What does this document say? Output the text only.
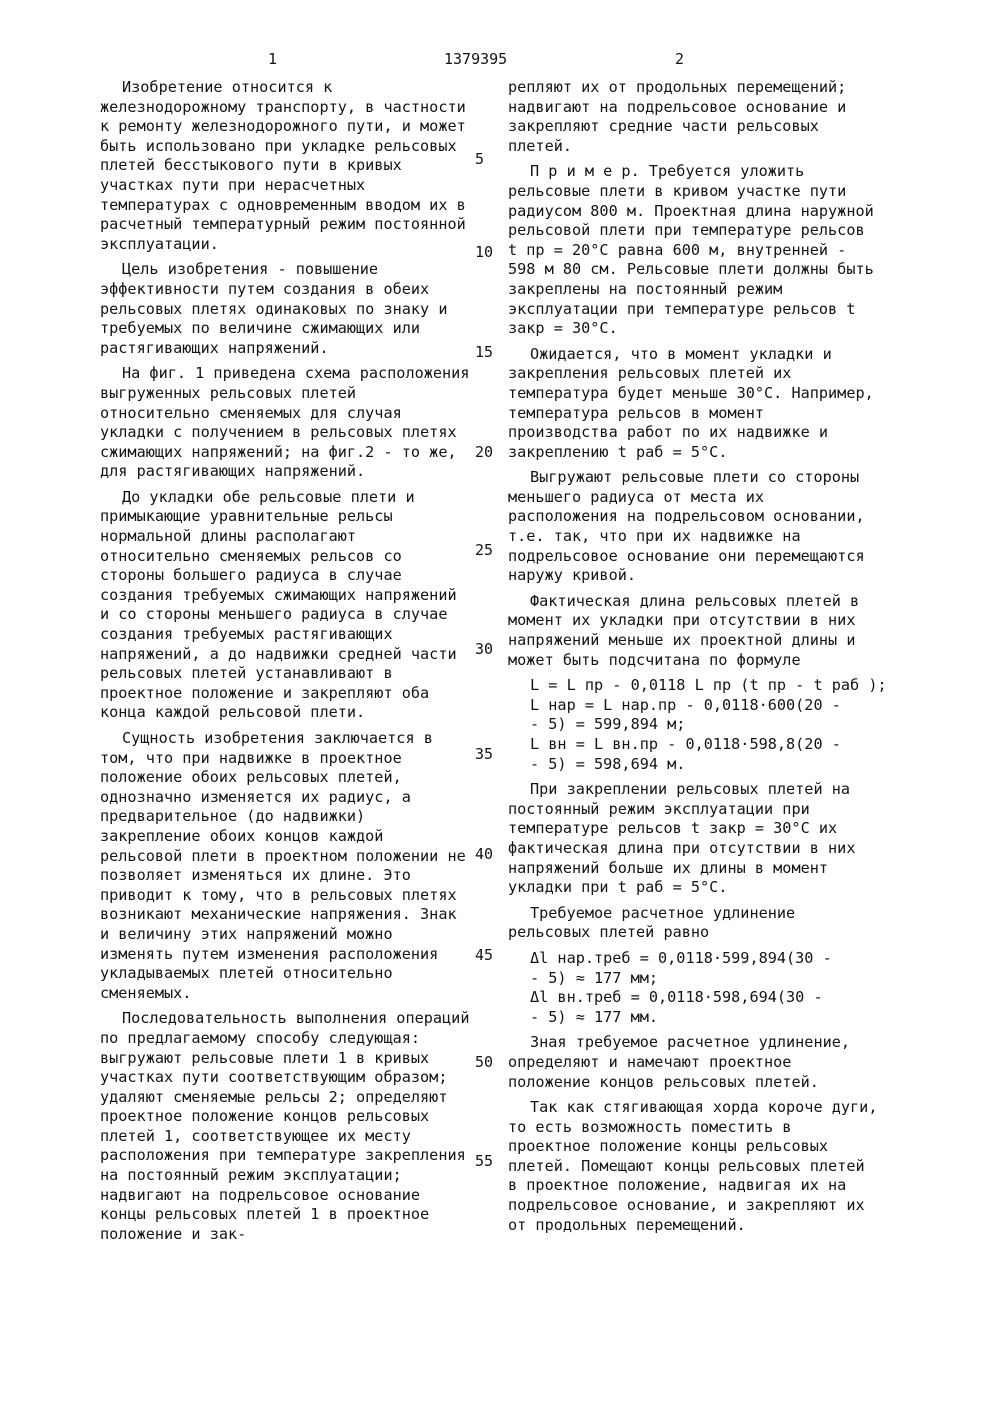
1	1379395	2

Изобретение относится к железнодорожному транспорту, в частности к ремонту железнодорожного пути, и может быть использовано при укладке рельсовых плетей бесстыкового пути в кривых участках пути при нерасчетных температурах с одновременным вводом их в расчетный температурный режим постоянной эксплуатации.

Цель изобретения - повышение эффективности путем создания в обеих рельсовых плетях одинаковых по знаку и требуемых по величине сжимающих или растягивающих напряжений.

На фиг. 1 приведена схема расположения выгруженных рельсовых плетей относительно сменяемых для случая укладки с получением в рельсовых плетях сжимающих напряжений; на фиг.2 - то же, для растягивающих напряжений.

До укладки обе рельсовые плети и примыкающие уравнительные рельсы нормальной длины располагают относительно сменяемых рельсов со стороны большего радиуса в случае создания требуемых сжимающих напряжений и со стороны меньшего радиуса в случае создания требуемых растягивающих напряжений, а до надвижки средней части рельсовых плетей устанавливают в проектное положение и закрепляют оба конца каждой рельсовой плети.

Сущность изобретения заключается в том, что при надвижке в проектное положение обоих рельсовых плетей, однозначно изменяется их радиус, а предварительное (до надвижки) закрепление обоих концов каждой рельсовой плети в проектном положении не позволяет изменяться их длине. Это приводит к тому, что в рельсовых плетях возникают механические напряжения. Знак и величину этих напряжений можно изменять путем изменения расположения укладываемых плетей относительно сменяемых.

Последовательность выполнения операций по предлагаемому способу следующая: выгружают рельсовые плети 1 в кривых участках пути соответствующим образом; удаляют сменяемые рельсы 2; определяют проектное положение концов рельсовых плетей 1, соответствующее их месту расположения при температуре закрепления на постоянный режим эксплуатации; надвигают на подрельсовое основание концы рельсовых плетей 1 в проектное положение и зак-

5
10
15
20
25
30
35
40
45
50
55

репляют их от продольных перемещений; надвигают на подрельсовое основание и закрепляют средние части рельсовых плетей.

П р и м е р. Требуется уложить рельсовые плети в кривом участке пути радиусом 800 м. Проектная длина наружной рельсовой плети при температуре рельсов t пр = 20°C равна 600 м, внутренней - 598 м 80 см. Рельсовые плети должны быть закреплены на постоянный режим эксплуатации при температуре рельсов t закр = 30°C.

Ожидается, что в момент укладки и закрепления рельсовых плетей их температура будет меньше 30°C. Например, температура рельсов в момент производства работ по их надвижке и закреплению t раб = 5°C.

Выгружают рельсовые плети со стороны меньшего радиуса от места их расположения на подрельсовом основании, т.е. так, что при их надвижке на подрельсовое основание они перемещаются наружу кривой.

Фактическая длина рельсовых плетей в момент их укладки при отсутствии в них напряжений меньше их проектной длины и может быть подсчитана по формуле

L = L пр - 0,0118 L пр (t пр - t раб );
L нар = L нар.пр - 0,0118·600(20 -
- 5) = 599,894 м;
L вн = L вн.пр - 0,0118·598,8(20 -
- 5) = 598,694 м.

При закреплении рельсовых плетей на постоянный режим эксплуатации при температуре рельсов t закр = 30°C их фактическая длина при отсутствии в них напряжений больше их длины в момент укладки при t раб = 5°C.

Требуемое расчетное удлинение рельсовых плетей равно

Δl нар.треб = 0,0118·599,894(30 -
- 5) ≈ 177 мм;
Δl вн.треб = 0,0118·598,694(30 -
- 5) ≈ 177 мм.

Зная требуемое расчетное удлинение, определяют и намечают проектное положение концов рельсовых плетей.

Так как стягивающая хорда короче дуги, то есть возможность поместить в проектное положение концы рельсовых плетей. Помещают концы рельсовых плетей в проектное положение, надвигая их на подрельсовое основание, и закрепляют их от продольных перемещений.
